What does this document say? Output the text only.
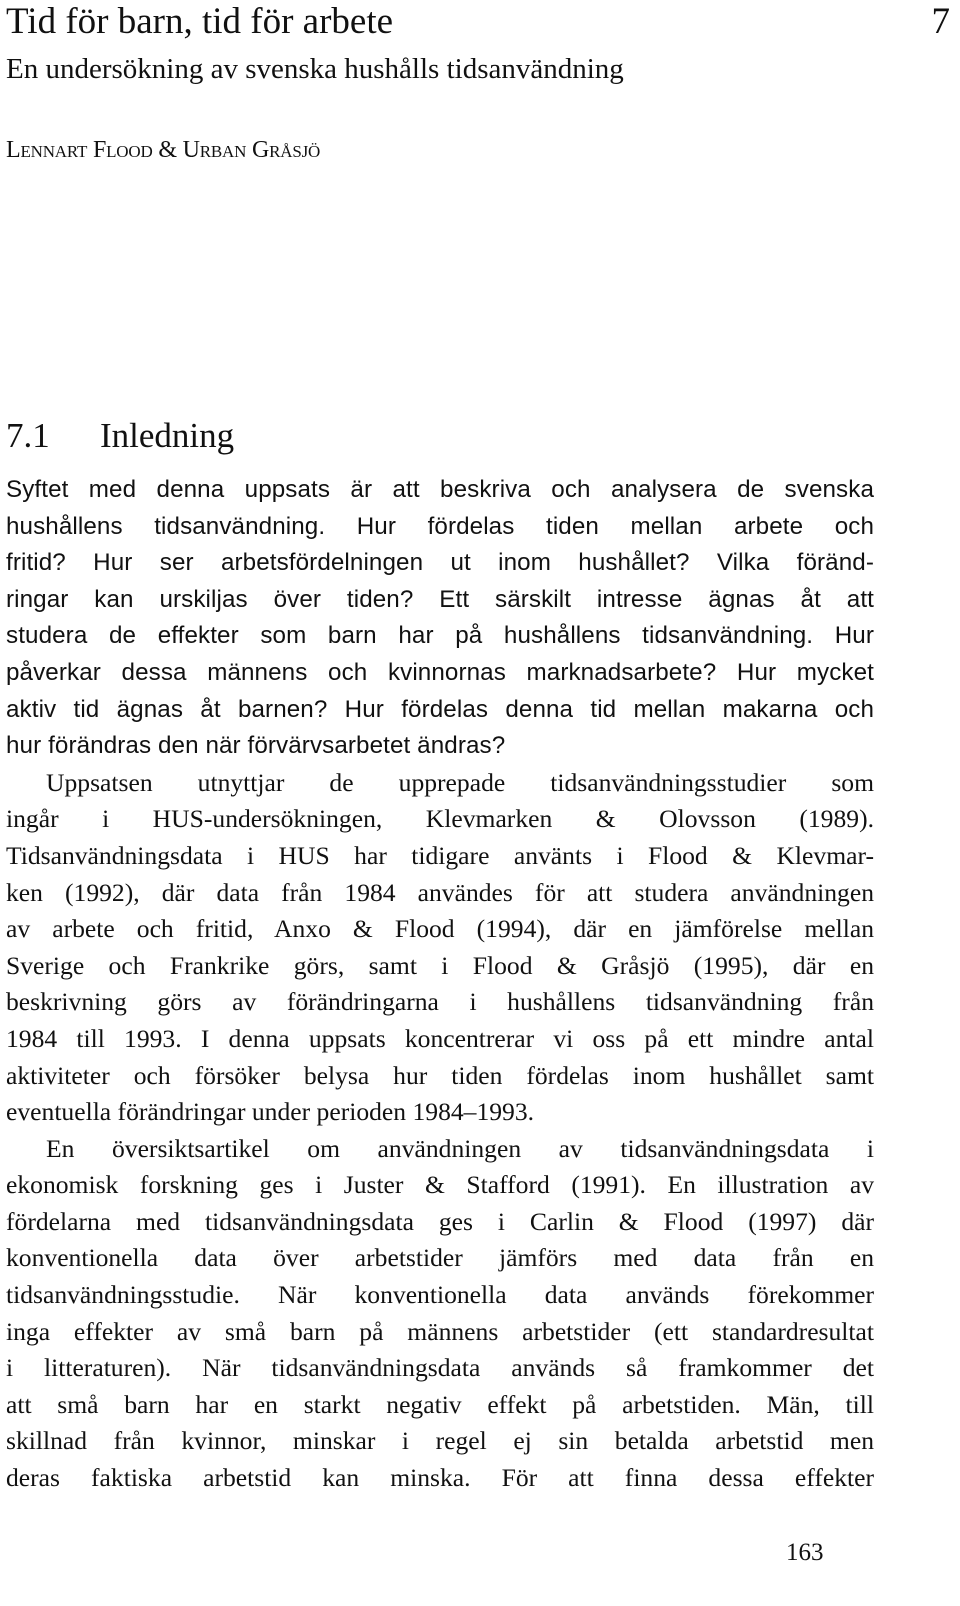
Tid för barn, tid för arbete
En undersökning av svenska hushålls tidsanvändning
Lennart Flood & Urban Gråsjö
7
7.1 Inledning
Syftet med denna uppsats är att beskriva och analysera de svenska
hushållens tidsanvändning. Hur fördelas tiden mellan arbete och
fritid? Hur ser arbetsfördelningen ut inom hushållet? Vilka föränd-
ringar kan urskiljas över tiden? Ett särskilt intresse ägnas åt att
studera de effekter som barn har på hushållens tidsanvändning. Hur
påverkar dessa männens och kvinnornas marknadsarbete? Hur mycket
aktiv tid ägnas åt barnen? Hur fördelas denna tid mellan makarna och
hur förändras den när förvärvsarbetet ändras?
Uppsatsen utnyttjar de upprepade tidsanvändningsstudier som
ingår i HUS-undersökningen, Klevmarken & Olovsson (1989).
Tidsanvändningsdata i HUS har tidigare använts i Flood & Klevmar-
ken (1992), där data från 1984 användes för att studera användningen
av arbete och fritid, Anxo & Flood (1994), där en jämförelse mellan
Sverige och Frankrike görs, samt i Flood & Gråsjö (1995), där en
beskrivning görs av förändringarna i hushållens tidsanvändning från
1984 till 1993. I denna uppsats koncentrerar vi oss på ett mindre antal
aktiviteter och försöker belysa hur tiden fördelas inom hushållet samt
eventuella förändringar under perioden 1984–1993.
En översiktsartikel om användningen av tidsanvändningsdata i
ekonomisk forskning ges i Juster & Stafford (1991). En illustration av
fördelarna med tidsanvändningsdata ges i Carlin & Flood (1997) där
konventionella data över arbetstider jämförs med data från en
tidsanvändningsstudie. När konventionella data används förekommer
inga effekter av små barn på männens arbetstider (ett standardresultat
i litteraturen). När tidsanvändningsdata används så framkommer det
att små barn har en starkt negativ effekt på arbetstiden. Män, till
skillnad från kvinnor, minskar i regel ej sin betalda arbetstid men
deras faktiska arbetstid kan minska. För att finna dessa effekter
163
